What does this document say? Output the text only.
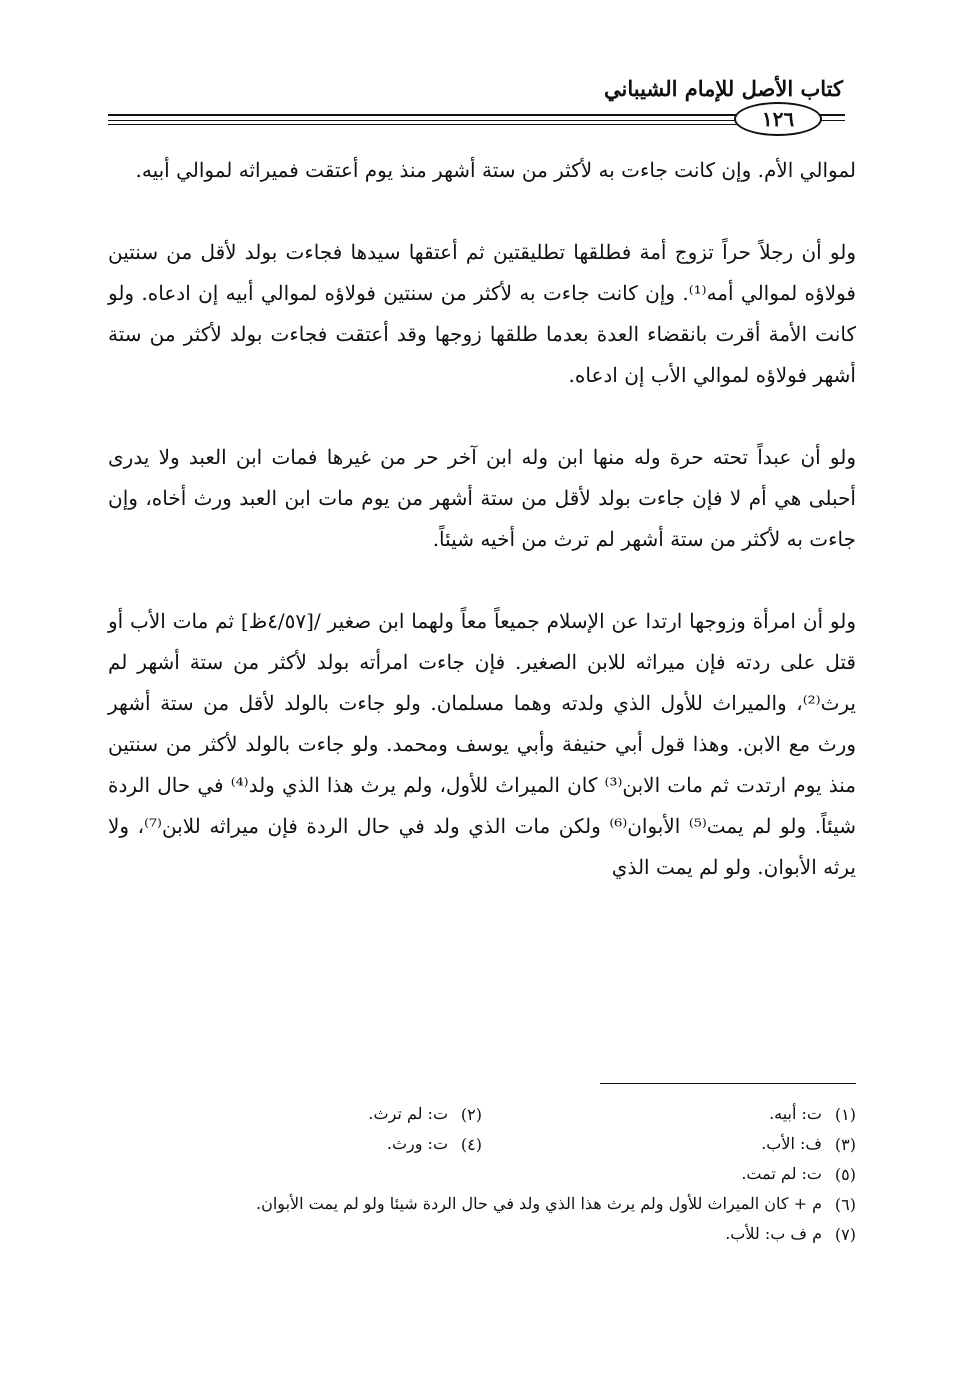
كتاب الأصل للإمام الشيباني
١٢٦

لموالي الأم. وإن كانت جاءت به لأكثر من ستة أشهر منذ يوم أعتقت فميراثه لموالي أبيه.

ولو أن رجلاً حراً تزوج أمة فطلقها تطليقتين ثم أعتقها سيدها فجاءت بولد لأقل من سنتين فولاؤه لموالي أمه⁽¹⁾. وإن كانت جاءت به لأكثر من سنتين فولاؤه لموالي أبيه إن ادعاه. ولو كانت الأمة أقرت بانقضاء العدة بعدما طلقها زوجها وقد أعتقت فجاءت بولد لأكثر من ستة أشهر فولاؤه لموالي الأب إن ادعاه.

ولو أن عبداً تحته حرة وله منها ابن وله ابن آخر حر من غيرها فمات ابن العبد ولا يدرى أحبلى هي أم لا فإن جاءت بولد لأقل من ستة أشهر من يوم مات ابن العبد ورث أخاه، وإن جاءت به لأكثر من ستة أشهر لم ترث من أخيه شيئاً.

ولو أن امرأة وزوجها ارتدا عن الإسلام جميعاً معاً ولهما ابن صغير /[٤/٥٧ظ] ثم مات الأب أو قتل على ردته فإن ميراثه للابن الصغير. فإن جاءت امرأته بولد لأكثر من ستة أشهر لم يرث⁽²⁾، والميراث للأول الذي ولدته وهما مسلمان. ولو جاءت بالولد لأقل من ستة أشهر ورث مع الابن. وهذا قول أبي حنيفة وأبي يوسف ومحمد. ولو جاءت بالولد لأكثر من سنتين منذ يوم ارتدت ثم مات الابن⁽³⁾ كان الميراث للأول، ولم يرث هذا الذي ولد⁽⁴⁾ في حال الردة شيئاً. ولو لم يمت⁽⁵⁾ الأبوان⁽⁶⁾ ولكن مات الذي ولد في حال الردة فإن ميراثه للابن⁽⁷⁾، ولا يرثه الأبوان. ولو لم يمت الذي

(١)
ت: أبيه.
(٢)
ت: لم ترث.
(٣)
ف: الأب.
(٤)
ت: ورث.
(٥)
ت: لم تمت.
(٦)
م + كان الميراث للأول ولم يرث هذا الذي ولد في حال الردة شيئا ولو لم يمت الأبوان.
(٧)
م ف ب: للأب.
